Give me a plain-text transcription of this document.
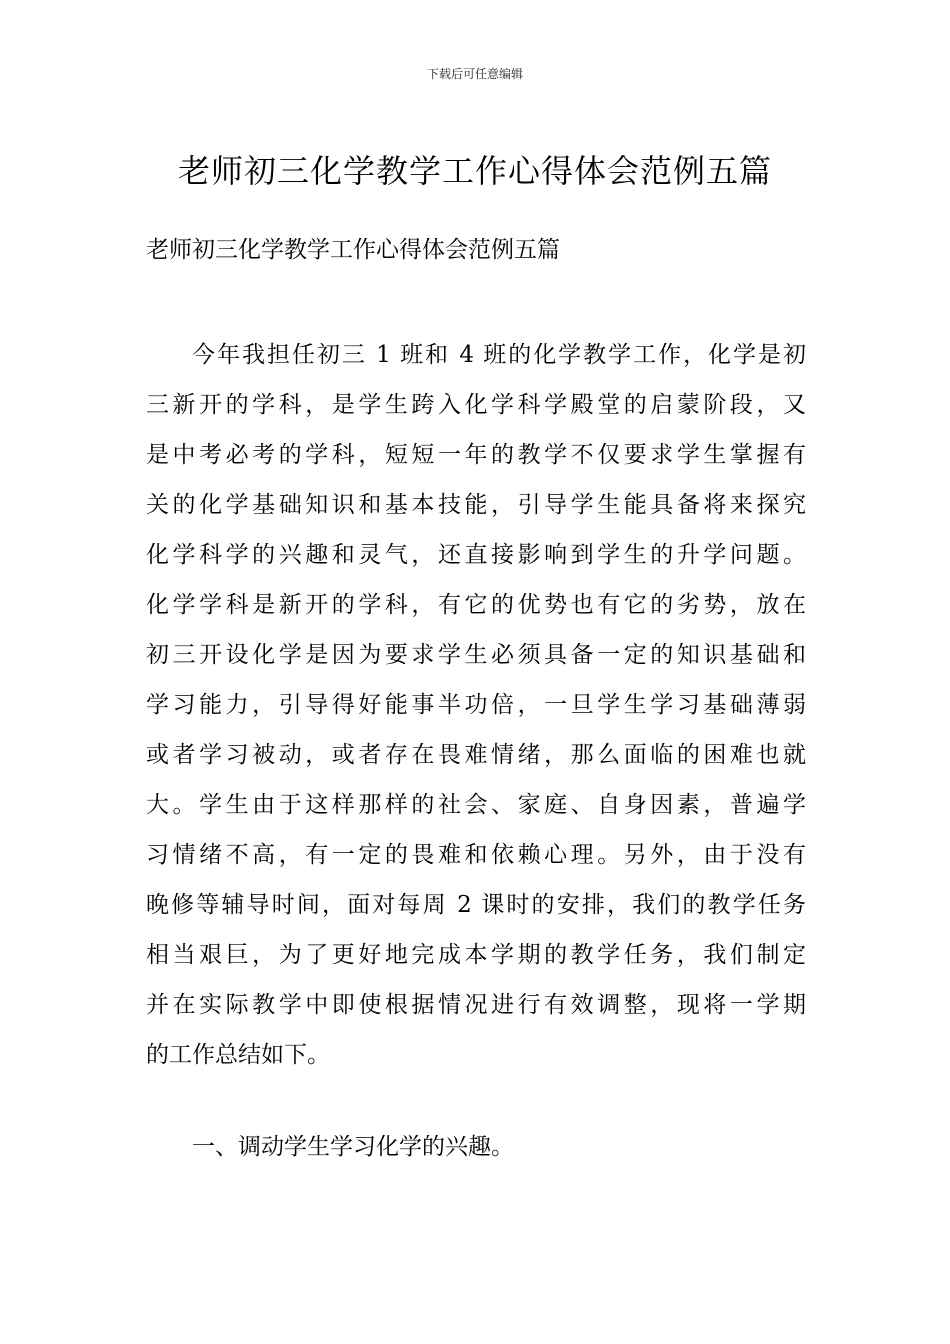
下载后可任意编辑
老师初三化学教学工作心得体会范例五篇
老师初三化学教学工作心得体会范例五篇
今年我担任初三 1 班和 4 班的化学教学工作，化学是初
三新开的学科，是学生跨入化学科学殿堂的启蒙阶段，又
是中考必考的学科，短短一年的教学不仅要求学生掌握有
关的化学基础知识和基本技能，引导学生能具备将来探究
化学科学的兴趣和灵气，还直接影响到学生的升学问题。
化学学科是新开的学科，有它的优势也有它的劣势，放在
初三开设化学是因为要求学生必须具备一定的知识基础和
学习能力，引导得好能事半功倍，一旦学生学习基础薄弱
或者学习被动，或者存在畏难情绪，那么面临的困难也就
大。学生由于这样那样的社会、家庭、自身因素，普遍学
习情绪不高，有一定的畏难和依赖心理。另外，由于没有
晚修等辅导时间，面对每周 2 课时的安排，我们的教学任务
相当艰巨，为了更好地完成本学期的教学任务，我们制定
并在实际教学中即使根据情况进行有效调整，现将一学期
的工作总结如下。
一、调动学生学习化学的兴趣。
